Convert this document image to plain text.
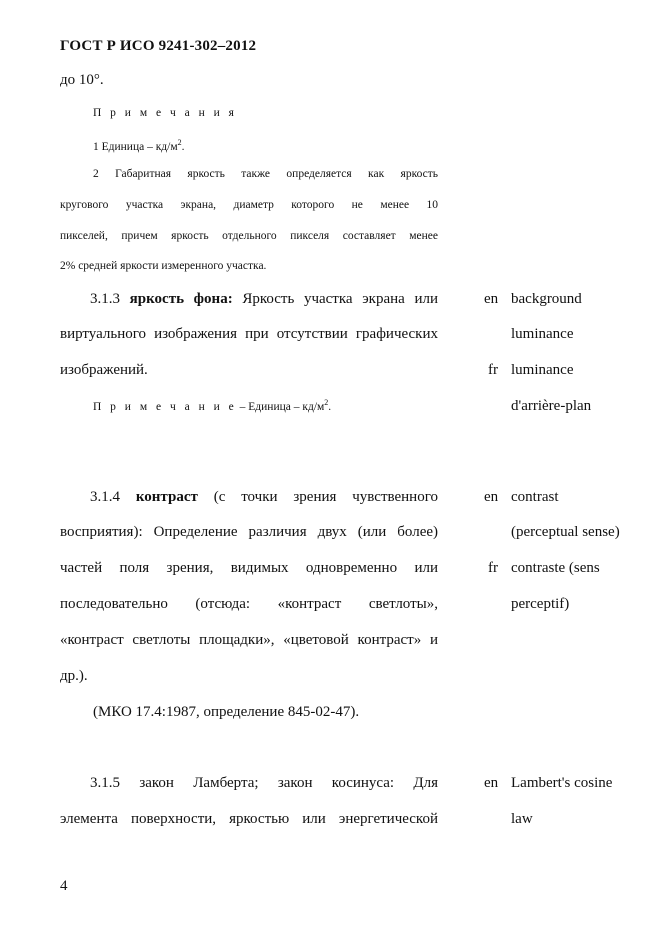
ГОСТ Р ИСО 9241-302–2012
до 10°.
П р и м е ч а н и я
1 Единица – $кд/м^2$.
2 Габаритная яркость также определяется как яркость
кругового участка экрана, диаметр которого не менее 10
пикселей, причем яркость отдельного пикселя составляет менее
2% средней яркости измеренного участка.
3.1.3 яркость фона: Яркость участка экрана или
виртуального изображения при отсутствии графических
изображений.
П р и м е ч а н и е – Единица – $кд/м^2$.
en background
luminance
fr luminance
d'arrière-plan
3.1.4 контраст (с точки зрения чувственного
восприятия): Определение различия двух (или более)
частей поля зрения, видимых одновременно или
последовательно (отсюда: «контраст светлоты»,
«контраст светлоты площадки», «цветовой контраст» и
др.).
(МКО 17.4:1987, определение 845-02-47).
en contrast
(perceptual sense)
fr contraste (sens
perceptif)
3.1.5 закон Ламберта; закон косинуса: Для
элемента поверхности, яркостью или энергетической
en Lambert's cosine
law
4
